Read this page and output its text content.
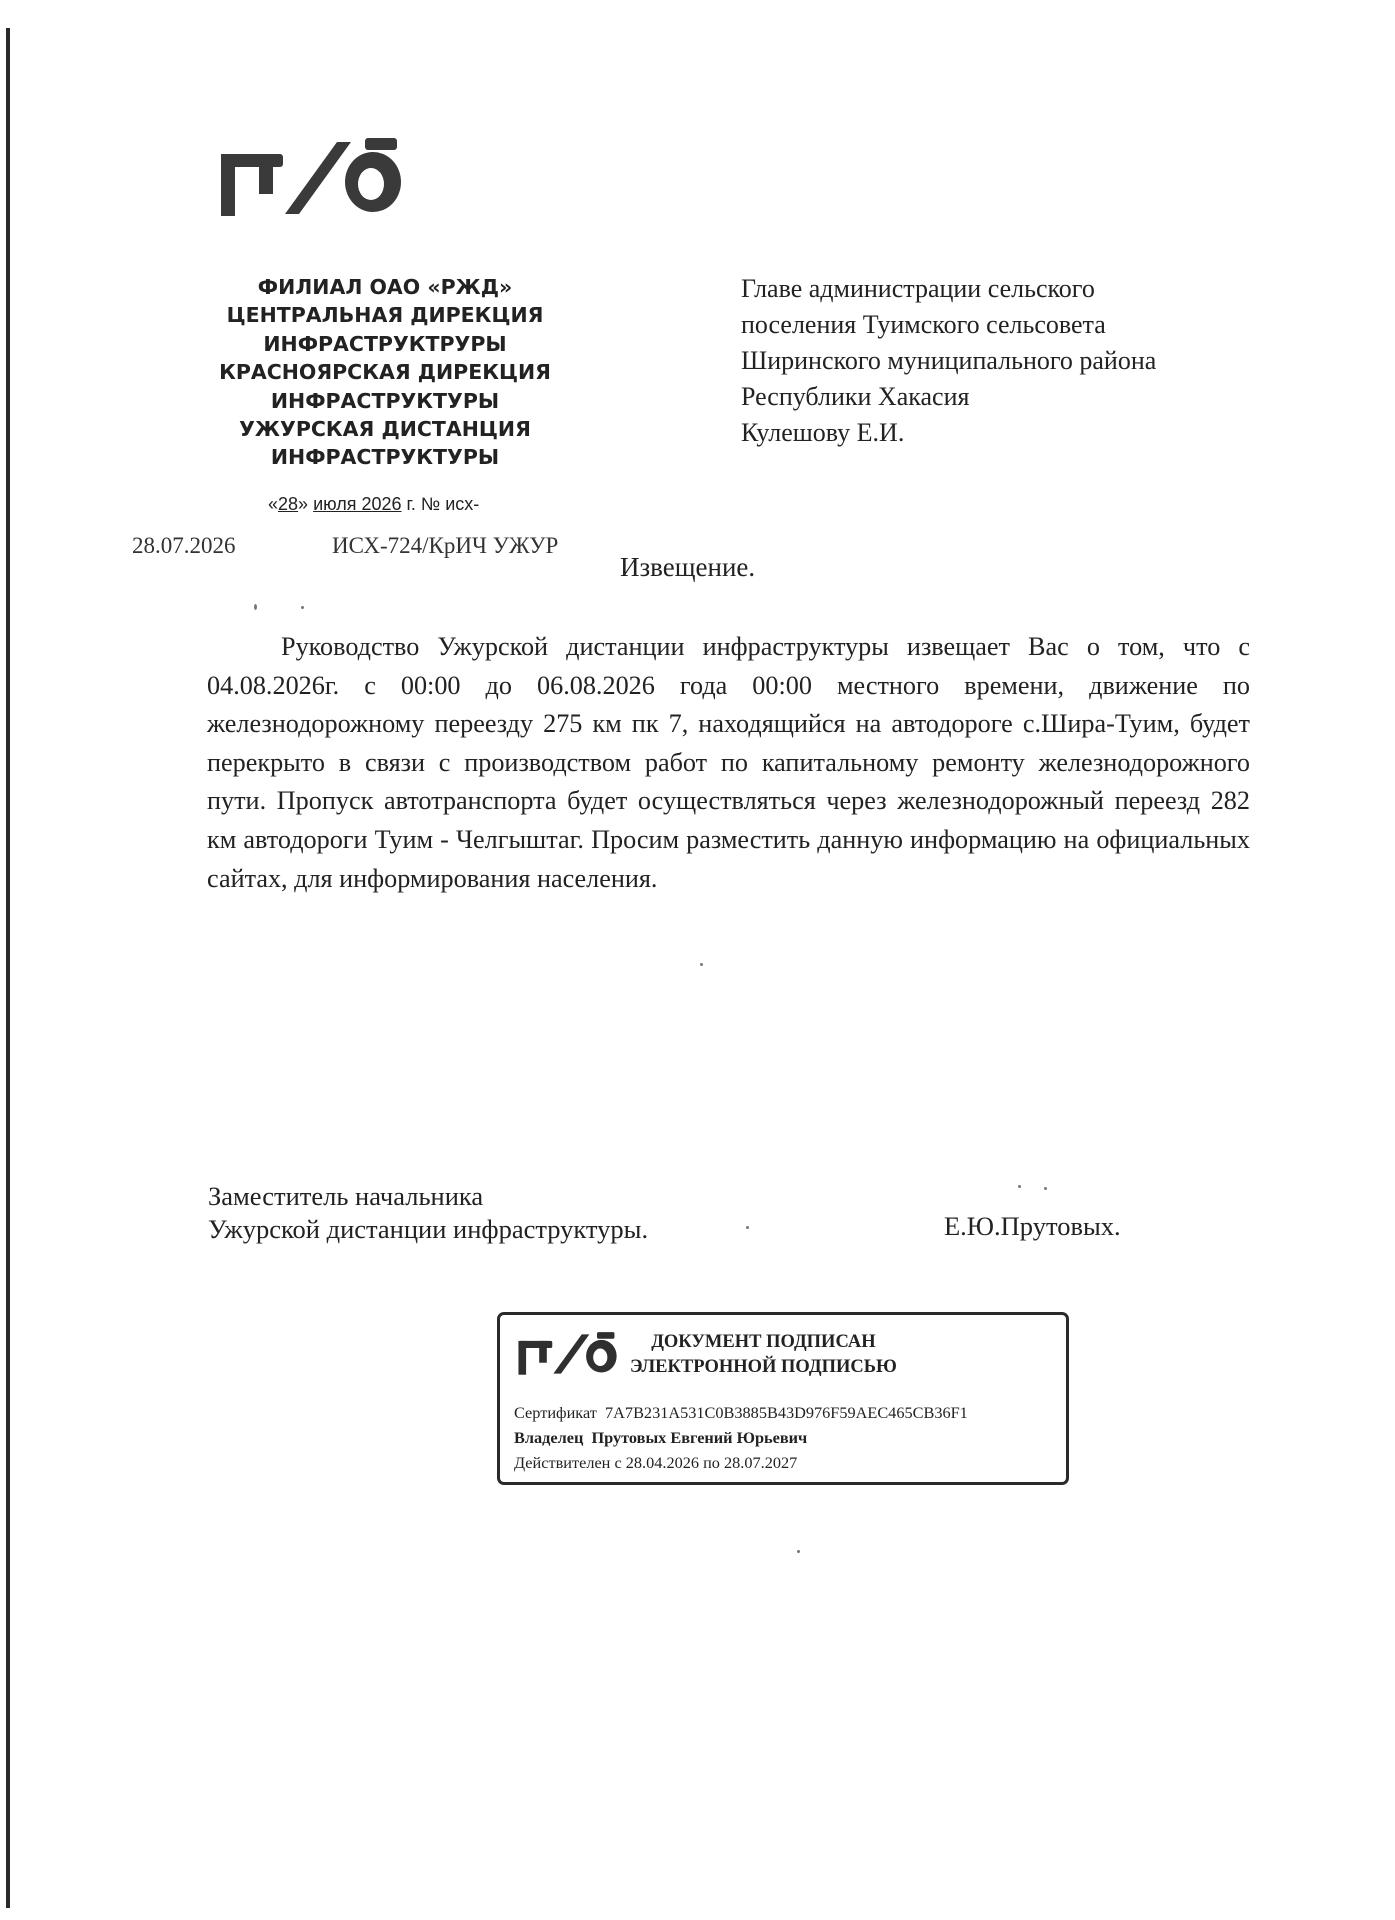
ФИЛИАЛ ОАО «РЖД»
ЦЕНТРАЛЬНАЯ ДИРЕКЦИЯ
ИНФРАСТРУКТРУРЫ
КРАСНОЯРСКАЯ ДИРЕКЦИЯ
ИНФРАСТРУКТУРЫ
УЖУРСКАЯ ДИСТАНЦИЯ
ИНФРАСТРУКТУРЫ
«28» июля 2026 г. № исх-
28.07.2026	ИСХ-724/КрИЧ УЖУР
Главе администрации сельского
поселения Туимского сельсовета
Ширинского муниципального района
Республики Хакасия
Кулешову Е.И.
Извещение.
Руководство Ужурской дистанции инфраструктуры извещает Вас о том, что с 04.08.2026г. с 00:00 до 06.08.2026 года 00:00 местного времени, движение по железнодорожному переезду 275 км пк 7, находящийся на автодороге с.Шира-Туим, будет перекрыто в связи с производством работ по капитальному ремонту железнодорожного пути. Пропуск автотранспорта будет осуществляться через железнодорожный переезд 282 км автодороги Туим - Челгыштаг. Просим разместить данную информацию на официальных сайтах, для информирования населения.
Заместитель начальника
Ужурской дистанции инфраструктуры.	Е.Ю.Прутовых.
ДОКУМЕНТ ПОДПИСАН
ЭЛЕКТРОННОЙ ПОДПИСЬЮ
Сертификат 7A7B231A531C0B3885B43D976F59AEC465CB36F1
Владелец Прутовых Евгений Юрьевич
Действителен с 28.04.2026 по 28.07.2027
